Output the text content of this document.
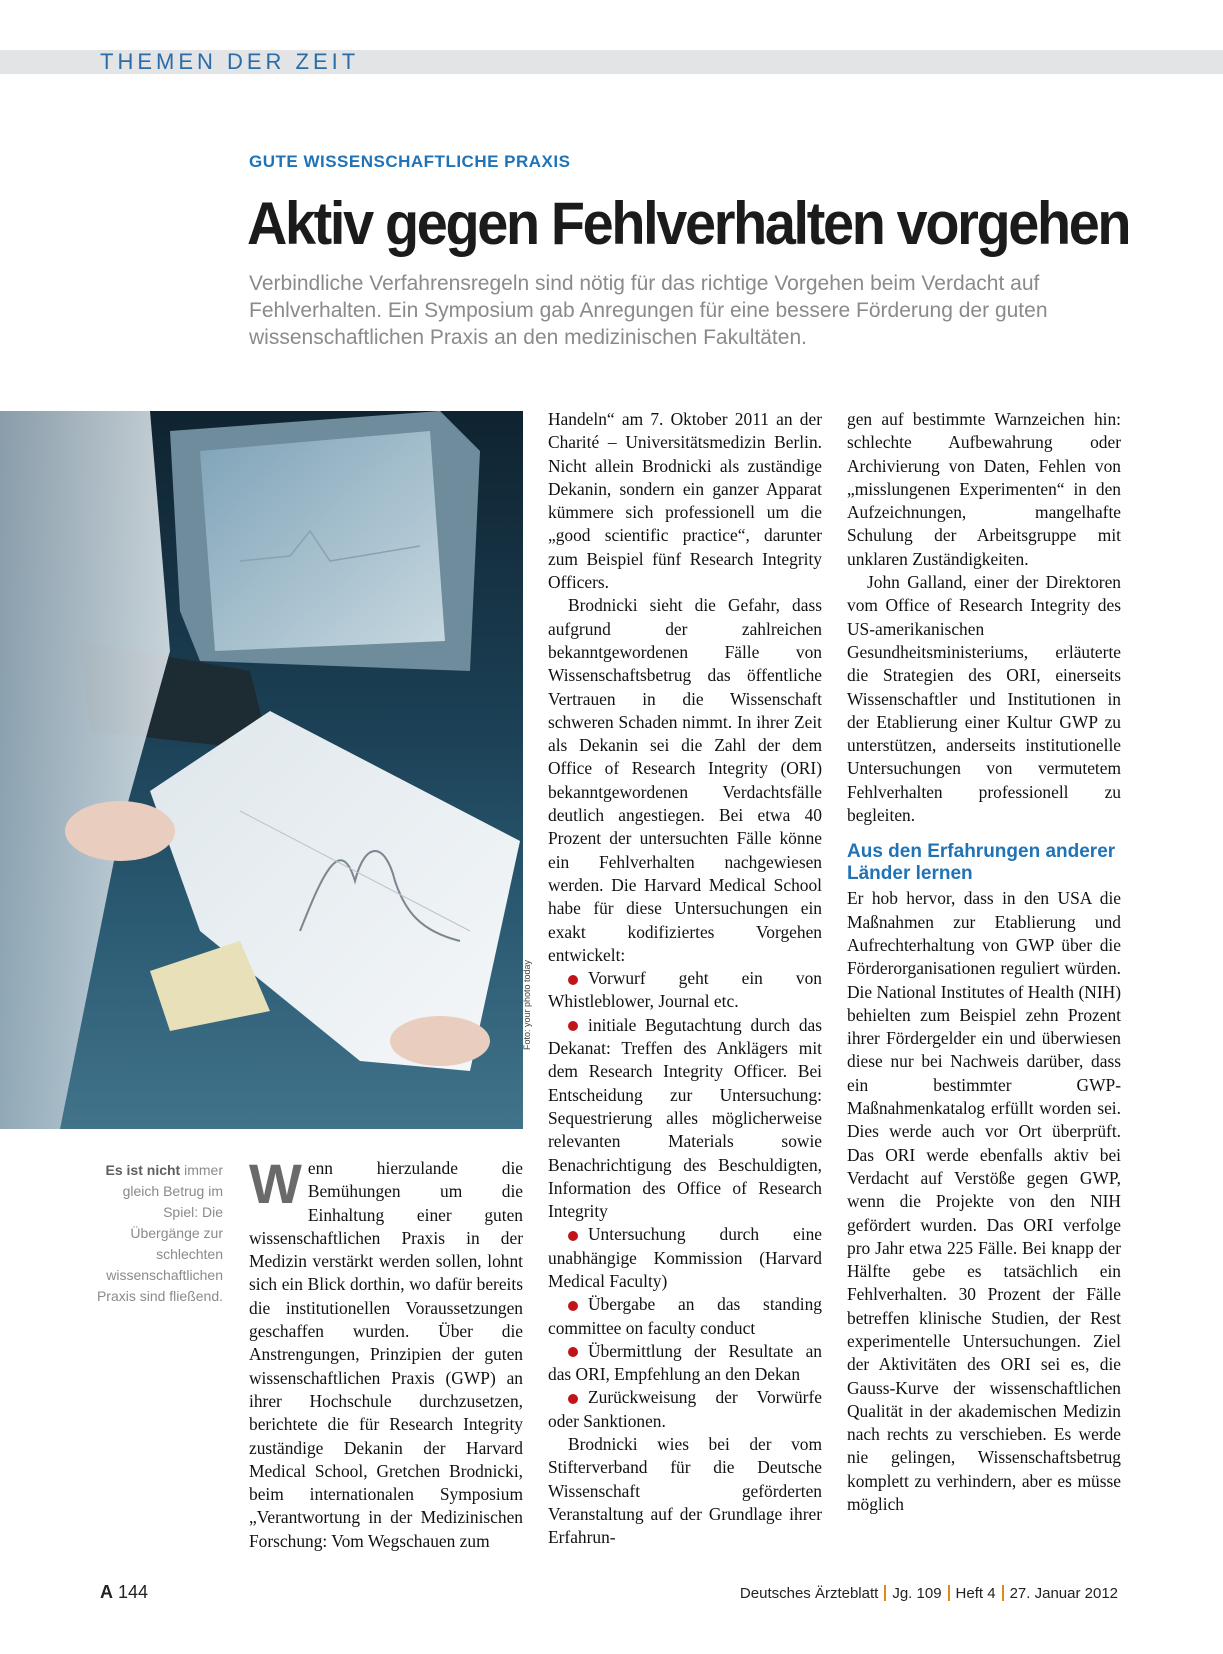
THEMEN DER ZEIT
GUTE WISSENSCHAFTLICHE PRAXIS
Aktiv gegen Fehlverhalten vorgehen
Verbindliche Verfahrensregeln sind nötig für das richtige Vorgehen beim Verdacht auf Fehlverhalten. Ein Symposium gab Anregungen für eine bessere Förderung der guten wissenschaftlichen Praxis an den medizinischen Fakultäten.
Foto: your photo today
Es ist nicht immer gleich Betrug im Spiel: Die Übergänge zur schlechten wissenschaftlichen Praxis sind fließend.
W enn hierzulande die Bemühungen um die Einhaltung einer guten wissenschaftlichen Praxis in der Medizin verstärkt werden sollen, lohnt sich ein Blick dorthin, wo dafür bereits die institutionellen Voraussetzungen geschaffen wurden. Über die Anstrengungen, Prinzipien der guten wissenschaftlichen Praxis (GWP) an ihrer Hochschule durchzusetzen, berichtete die für Research Integrity zuständige Dekanin der Harvard Medical School, Gretchen Brodnicki, beim internationalen Symposium „Verantwortung in der Medizinischen Forschung: Vom Wegschauen zum

Handeln“ am 7. Oktober 2011 an der Charité – Universitätsmedizin Berlin. Nicht allein Brodnicki als zuständige Dekanin, sondern ein ganzer Apparat kümmere sich professionell um die „good scientific practice“, darunter zum Beispiel fünf Research Integrity Officers.

Brodnicki sieht die Gefahr, dass aufgrund der zahlreichen bekanntgewordenen Fälle von Wissenschaftsbetrug das öffentliche Vertrauen in die Wissenschaft schweren Schaden nimmt. In ihrer Zeit als Dekanin sei die Zahl der dem Office of Research Integrity (ORI) bekanntgewordenen Verdachtsfälle deutlich angestiegen. Bei etwa 40 Prozent der untersuchten Fälle könne ein Fehlverhalten nachgewiesen werden. Die Harvard Medical School habe für diese Untersuchungen ein exakt kodifiziertes Vorgehen entwickelt:

Vorwurf geht ein von Whistleblower, Journal etc.

initiale Begutachtung durch das Dekanat: Treffen des Anklägers mit dem Research Integrity Officer. Bei Entscheidung zur Untersuchung: Sequestrierung alles möglicherweise relevanten Materials sowie Benachrichtigung des Beschuldigten, Information des Office of Research Integrity

Untersuchung durch eine unabhängige Kommission (Harvard Medical Faculty)

Übergabe an das standing committee on faculty conduct

Übermittlung der Resultate an das ORI, Empfehlung an den Dekan

Zurückweisung der Vorwürfe oder Sanktionen.

Brodnicki wies bei der vom Stifterverband für die Deutsche Wissenschaft geförderten Veranstaltung auf der Grundlage ihrer Erfahrun-

gen auf bestimmte Warnzeichen hin: schlechte Aufbewahrung oder Archivierung von Daten, Fehlen von „misslungenen Experimenten“ in den Aufzeichnungen, mangelhafte Schulung der Arbeitsgruppe mit unklaren Zuständigkeiten.

John Galland, einer der Direktoren vom Office of Research Integrity des US-amerikanischen Gesundheitsministeriums, erläuterte die Strategien des ORI, einerseits Wissenschaftler und Institutionen in der Etablierung einer Kultur GWP zu unterstützen, anderseits institutionelle Untersuchungen von vermutetem Fehlverhalten professionell zu begleiten.

Aus den Erfahrungen anderer Länder lernen

Er hob hervor, dass in den USA die Maßnahmen zur Etablierung und Aufrechterhaltung von GWP über die Förderorganisationen reguliert würden. Die National Institutes of Health (NIH) behielten zum Beispiel zehn Prozent ihrer Fördergelder ein und überwiesen diese nur bei Nachweis darüber, dass ein bestimmter GWP-Maßnahmenkatalog erfüllt worden sei. Dies werde auch vor Ort überprüft. Das ORI werde ebenfalls aktiv bei Verdacht auf Verstöße gegen GWP, wenn die Projekte von den NIH gefördert wurden. Das ORI verfolge pro Jahr etwa 225 Fälle. Bei knapp der Hälfte gebe es tatsächlich ein Fehlverhalten. 30 Prozent der Fälle betreffen klinische Studien, der Rest experimentelle Untersuchungen. Ziel der Aktivitäten des ORI sei es, die Gauss-Kurve der wissenschaftlichen Qualität in der akademischen Medizin nach rechts zu verschieben. Es werde nie gelingen, Wissenschaftsbetrug komplett zu verhindern, aber es müsse möglich

A 144	Deutsches Ärzteblatt Jg. 109 Heft 4 27. Januar 2012
